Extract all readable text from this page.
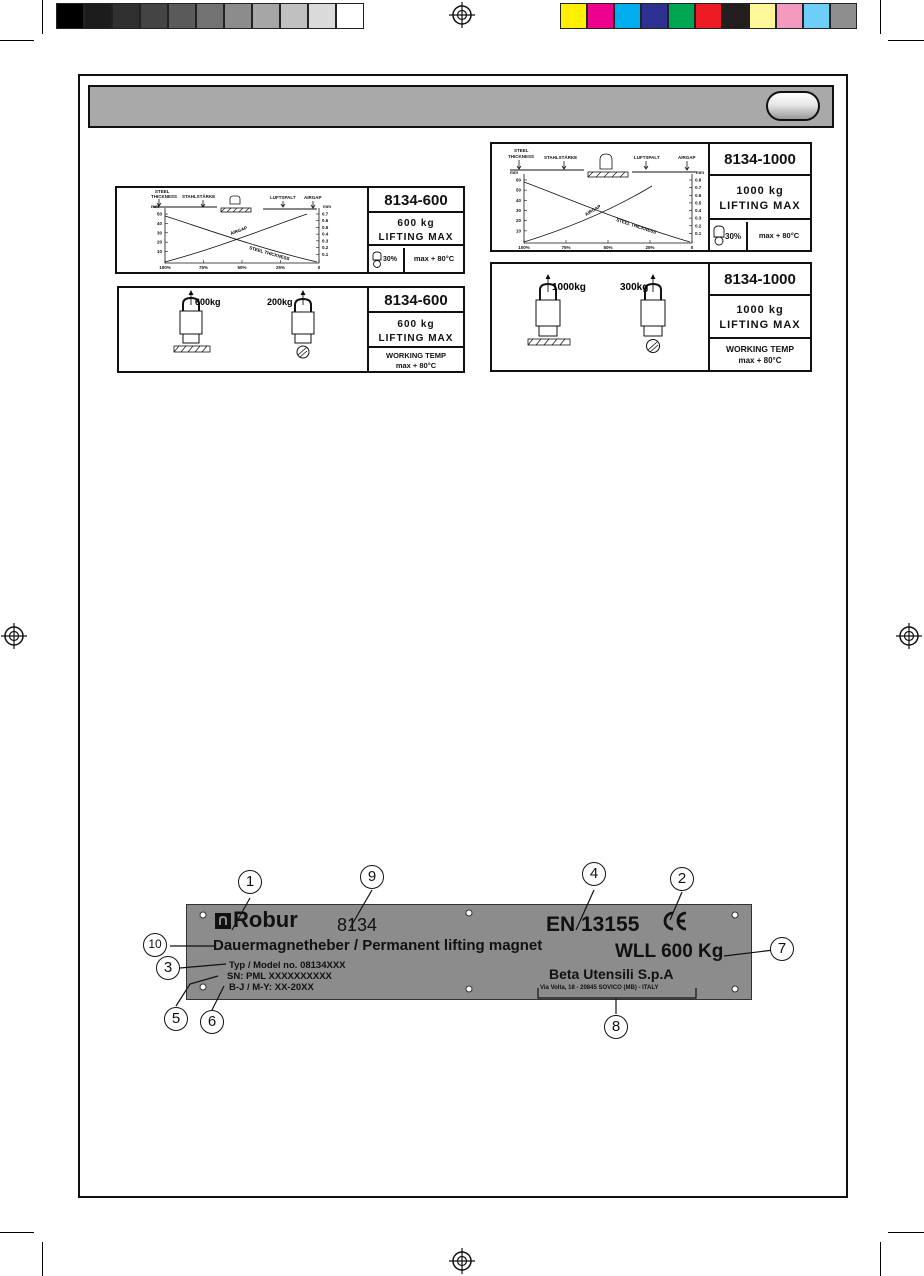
STEEL
THICKNESS STAHLSTÄRKE	LUFTSPALT AIRGAP
mm	mm
50
40
30
20
10
0.7
0.6
0.5
0.4
0.3
0.2
0.1
100%	75%	50%	25%	0
AIRGAP
STEEL THICKNESS
8134-600
600 kg
LIFTING MAX
30%	max + 80°C
600kg	200kg	8134-600
600 kg
LIFTING MAX
WORKING TEMP
max + 80°C
STEEL
THICKNESS STAHLSTÄRKE	LUFTSPALT	AIRGAP
mm	mm
60
50
40
30
20
10
0.8
0.7
0.6
0.5
0.4
0.3
0.2
0.1
100%	75%	50%	25%	0
AIRGAP
STEEL THICKNESS
8134-1000
1000 kg
LIFTING MAX
30%	max + 80°C
1000kg	300kg	8134-1000
1000 kg
LIFTING MAX
WORKING TEMP
max + 80°C
Robur 8134	EN 13155
Dauermagnetheber / Permanent lifting magnet	WLL 600 Kg
Typ / Model no. 08134XXX
SN: PML XXXXXXXXXX
B-J / M-Y: XX-20XX
Beta Utensili S.p.A
Via Volta, 18 - 20845 SOVICO (MB) - ITALY
1	2
3
4
5	6
7
8
9
10
